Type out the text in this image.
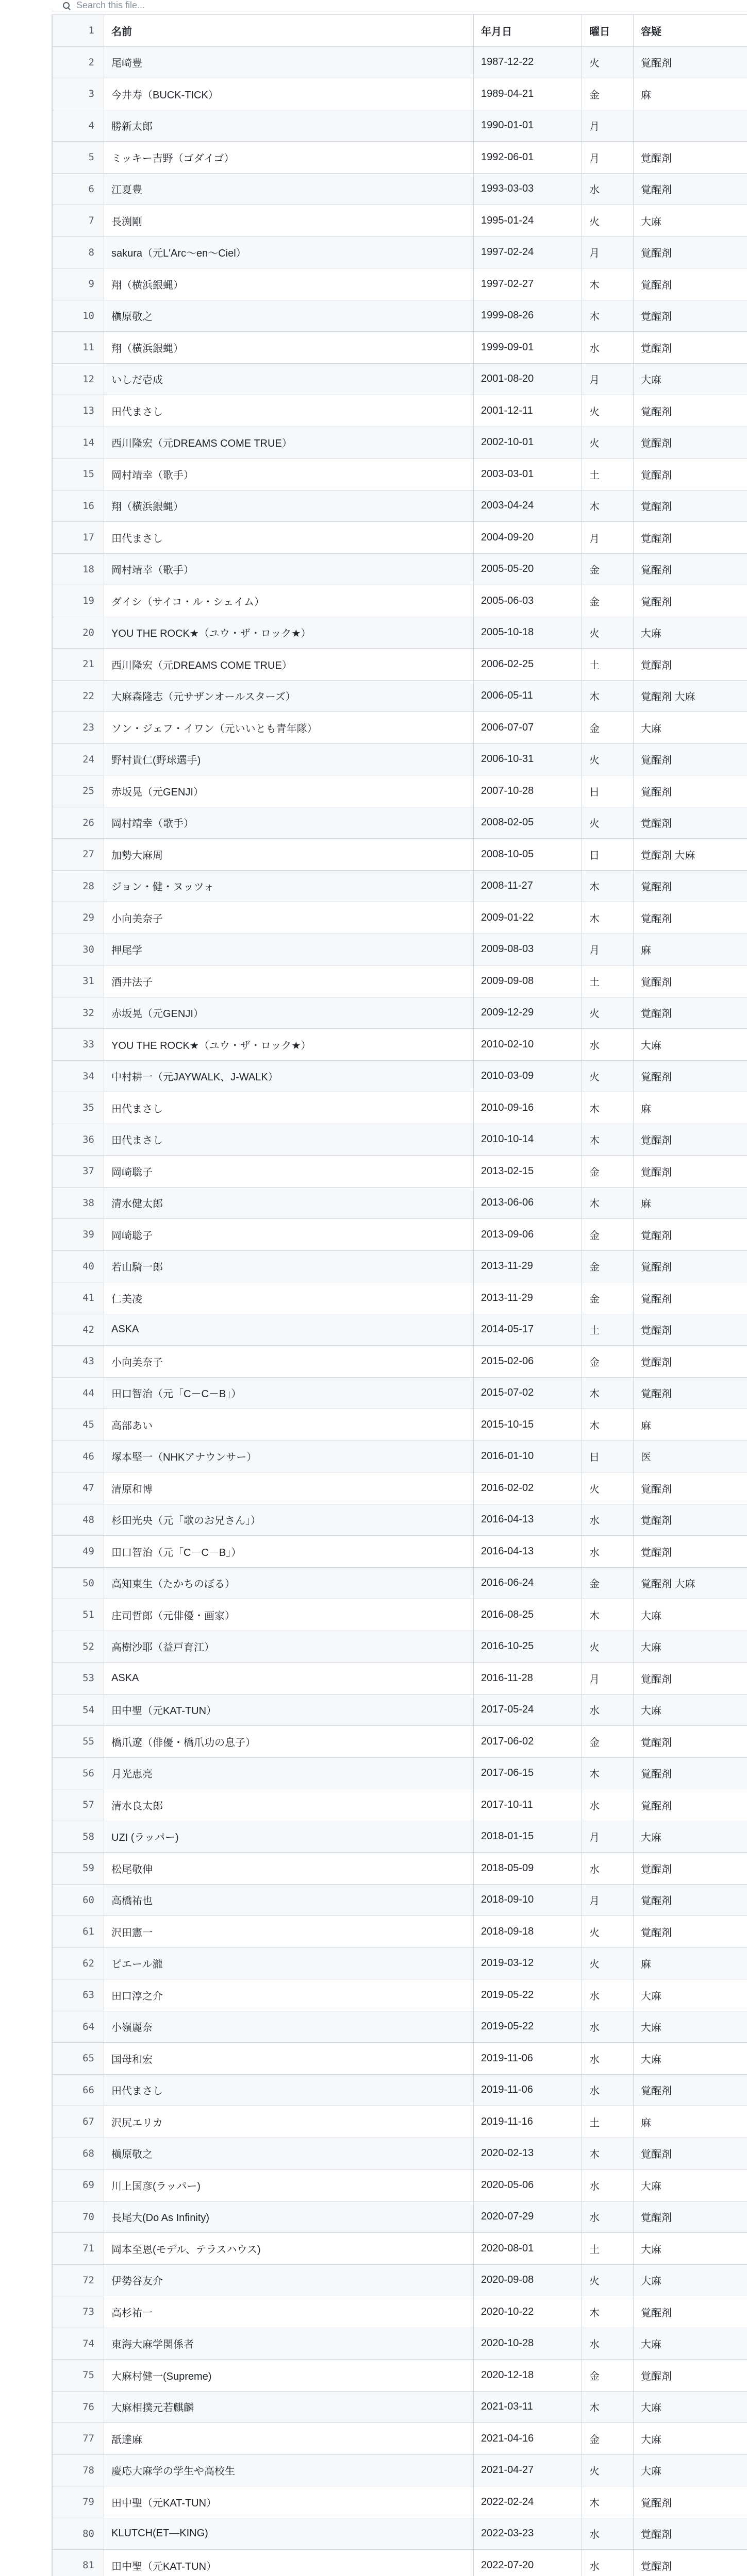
Search this file...
1	名前	年月日	曜日	容疑
2	尾崎豊	1987-12-22	火	覚醒剤
3	今井寿（BUCK-TICK）	1989-04-21	金	麻
4	勝新太郎	1990-01-01	月	
5	ミッキー吉野（ゴダイゴ）	1992-06-01	月	覚醒剤
6	江夏豊	1993-03-03	水	覚醒剤
7	長渕剛	1995-01-24	火	大麻
8	sakura（元L'Arc〜en〜Ciel）	1997-02-24	月	覚醒剤
9	翔（横浜銀蝿）	1997-02-27	木	覚醒剤
10	槇原敬之	1999-08-26	木	覚醒剤
11	翔（横浜銀蝿）	1999-09-01	水	覚醒剤
12	いしだ壱成	2001-08-20	月	大麻
13	田代まさし	2001-12-11	火	覚醒剤
14	西川隆宏（元DREAMS COME TRUE）	2002-10-01	火	覚醒剤
15	岡村靖幸（歌手）	2003-03-01	土	覚醒剤
16	翔（横浜銀蝿）	2003-04-24	木	覚醒剤
17	田代まさし	2004-09-20	月	覚醒剤
18	岡村靖幸（歌手）	2005-05-20	金	覚醒剤
19	ダイシ（サイコ・ル・シェイム）	2005-06-03	金	覚醒剤
20	YOU THE ROCK★（ユウ・ザ・ロック★）	2005-10-18	火	大麻
21	西川隆宏（元DREAMS COME TRUE）	2006-02-25	土	覚醒剤
22	大麻森隆志（元サザンオールスターズ）	2006-05-11	木	覚醒剤 大麻
23	ソン・ジェフ・イワン（元いいとも青年隊）	2006-07-07	金	大麻
24	野村貴仁(野球選手)	2006-10-31	火	覚醒剤
25	赤坂晃（元GENJI）	2007-10-28	日	覚醒剤
26	岡村靖幸（歌手）	2008-02-05	火	覚醒剤
27	加勢大麻周	2008-10-05	日	覚醒剤 大麻
28	ジョン・健・ヌッツォ	2008-11-27	木	覚醒剤
29	小向美奈子	2009-01-22	木	覚醒剤
30	押尾学	2009-08-03	月	麻
31	酒井法子	2009-09-08	土	覚醒剤
32	赤坂晃（元GENJI）	2009-12-29	火	覚醒剤
33	YOU THE ROCK★（ユウ・ザ・ロック★）	2010-02-10	水	大麻
34	中村耕一（元JAYWALK、J-WALK）	2010-03-09	火	覚醒剤
35	田代まさし	2010-09-16	木	麻
36	田代まさし	2010-10-14	木	覚醒剤
37	岡崎聡子	2013-02-15	金	覚醒剤
38	清水健太郎	2013-06-06	木	麻
39	岡崎聡子	2013-09-06	金	覚醒剤
40	若山騎一郎	2013-11-29	金	覚醒剤
41	仁美凌	2013-11-29	金	覚醒剤
42	ASKA	2014-05-17	土	覚醒剤
43	小向美奈子	2015-02-06	金	覚醒剤
44	田口智治（元「C－C－B」）	2015-07-02	木	覚醒剤
45	高部あい	2015-10-15	木	麻
46	塚本堅一（NHKアナウンサー）	2016-01-10	日	医
47	清原和博	2016-02-02	火	覚醒剤
48	杉田光央（元「歌のお兄さん」）	2016-04-13	水	覚醒剤
49	田口智治（元「C－C－B」）	2016-04-13	水	覚醒剤
50	高知東生（たかちのぼる）	2016-06-24	金	覚醒剤 大麻
51	庄司哲郎（元俳優・画家）	2016-08-25	木	大麻
52	高樹沙耶（益戸育江）	2016-10-25	火	大麻
53	ASKA	2016-11-28	月	覚醒剤
54	田中聖（元KAT-TUN）	2017-05-24	水	大麻
55	橋爪遼（俳優・橋爪功の息子）	2017-06-02	金	覚醒剤
56	月光恵亮	2017-06-15	木	覚醒剤
57	清水良太郎	2017-10-11	水	覚醒剤
58	UZI (ラッパー)	2018-01-15	月	大麻
59	松尾敬伸	2018-05-09	水	覚醒剤
60	高橋祐也	2018-09-10	月	覚醒剤
61	沢田憲一	2018-09-18	火	覚醒剤
62	ピエール瀧	2019-03-12	火	麻
63	田口淳之介	2019-05-22	水	大麻
64	小嶺麗奈	2019-05-22	水	大麻
65	国母和宏	2019-11-06	水	大麻
66	田代まさし	2019-11-06	水	覚醒剤
67	沢尻エリカ	2019-11-16	土	麻
68	槇原敬之	2020-02-13	木	覚醒剤
69	川上国彦(ラッパー)	2020-05-06	水	大麻
70	長尾大(Do As Infinity)	2020-07-29	水	覚醒剤
71	岡本至恩(モデル、テラスハウス)	2020-08-01	土	大麻
72	伊勢谷友介	2020-09-08	火	大麻
73	高杉祐一	2020-10-22	木	覚醒剤
74	東海大麻学関係者	2020-10-28	水	大麻
75	大麻村健一(Supreme)	2020-12-18	金	覚醒剤
76	大麻相撲元若麒麟	2021-03-11	木	大麻
77	舐達麻	2021-04-16	金	大麻
78	慶応大麻学の学生や高校生	2021-04-27	火	大麻
79	田中聖（元KAT-TUN）	2022-02-24	木	覚醒剤
80	KLUTCH(ET―KING)	2022-03-23	水	覚醒剤
81	田中聖（元KAT-TUN）	2022-07-20	水	覚醒剤
